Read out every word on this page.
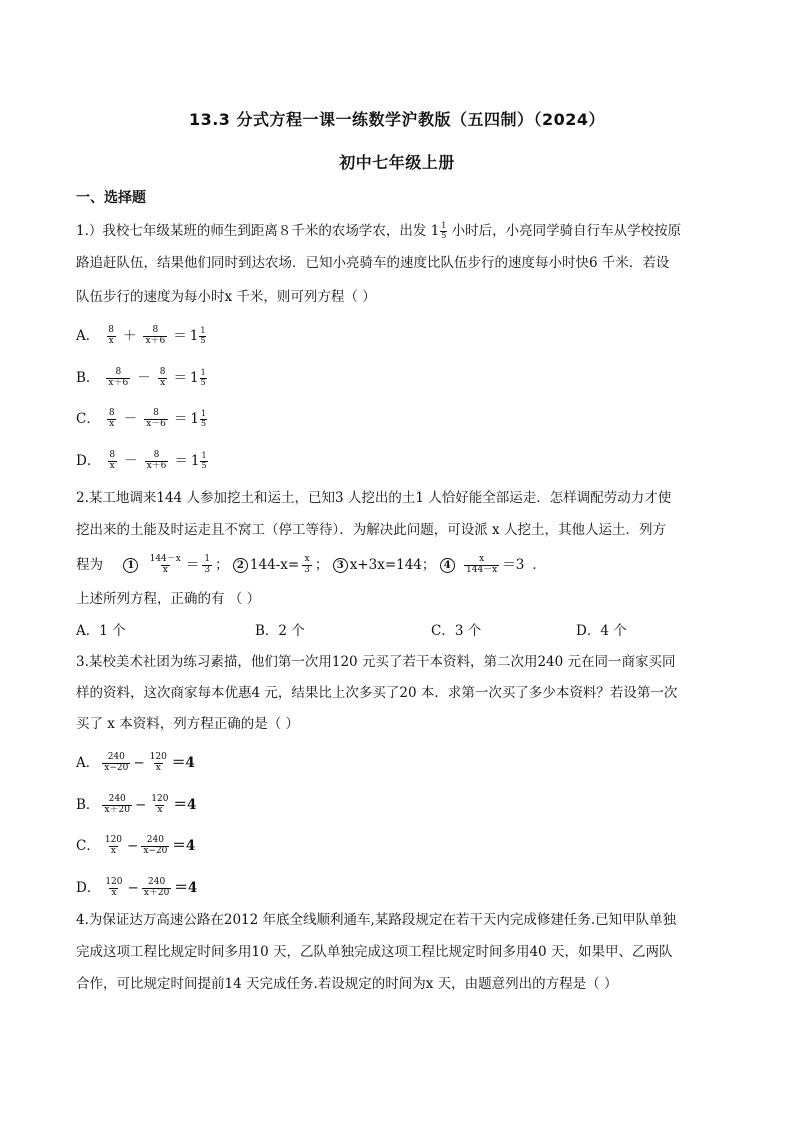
13.3 分式方程一课一练数学沪教版（五四制）（2024）
初中七年级上册
一、选择题
1.）我校七年级某班的师生到距离８千米的农场学农，出发 $1 \frac{1}{5}$ 小时后，小亮同学骑自行车从学校按原
路追赶队伍，结果他们同时到达农场．已知小亮骑车的速度比队伍步行的速度每小时快6 千米．若设
队伍步行的速度为每小时x 千米，则可列方程（ ）
A． $\frac{8}{x} + \frac{8}{x+6} = 1 \frac{1}{5}$
B． $\frac{8}{x+6} - \frac{8}{x} = 1 \frac{1}{5}$
C． $\frac{8}{x} - \frac{8}{x-6} = 1 \frac{1}{5}$
D． $\frac{8}{x} - \frac{8}{x+6} = 1 \frac{1}{5}$
2.某工地调来144 人参加挖土和运土，已知3 人挖出的土1 人恰好能全部运走．怎样调配劳动力才使
挖出来的土能及时运走且不窝工（停工等待）．为解决此问题，可设派 x 人挖土，其他人运土．列方
程为 $1 \frac{144-x}{x} = \frac{1}{3}$ ； 2 $144-x= \frac{x}{3}$ ； 3 x+3x=144； $4 \frac{x}{144-x} =3$ ．
上述所列方程，正确的有 （ ）
A．1 个	B．2 个	C．3 个	D．4 个
3.某校美术社团为练习素描，他们第一次用120 元买了若干本资料，第二次用240 元在同一商家买同
样的资料，这次商家每本优惠4 元，结果比上次多买了20 本．求第一次买了多少本资料？若设第一次
买了 x 本资料，列方程正确的是（ ）
A． $\frac{240}{x-20} - \frac{120}{x} =4$
B． $\frac{240}{x+20} - \frac{120}{x} =4$
C． $\frac{120}{x} - \frac{240}{x-20} =4$
D． $\frac{120}{x} - \frac{240}{x+20} =4$
4.为保证达万高速公路在2012 年底全线顺利通车,某路段规定在若干天内完成修建任务.已知甲队单独
完成这项工程比规定时间多用10 天，乙队单独完成这项工程比规定时间多用40 天，如果甲、乙两队
合作，可比规定时间提前14 天完成任务.若设规定的时间为x 天，由题意列出的方程是（ ）
